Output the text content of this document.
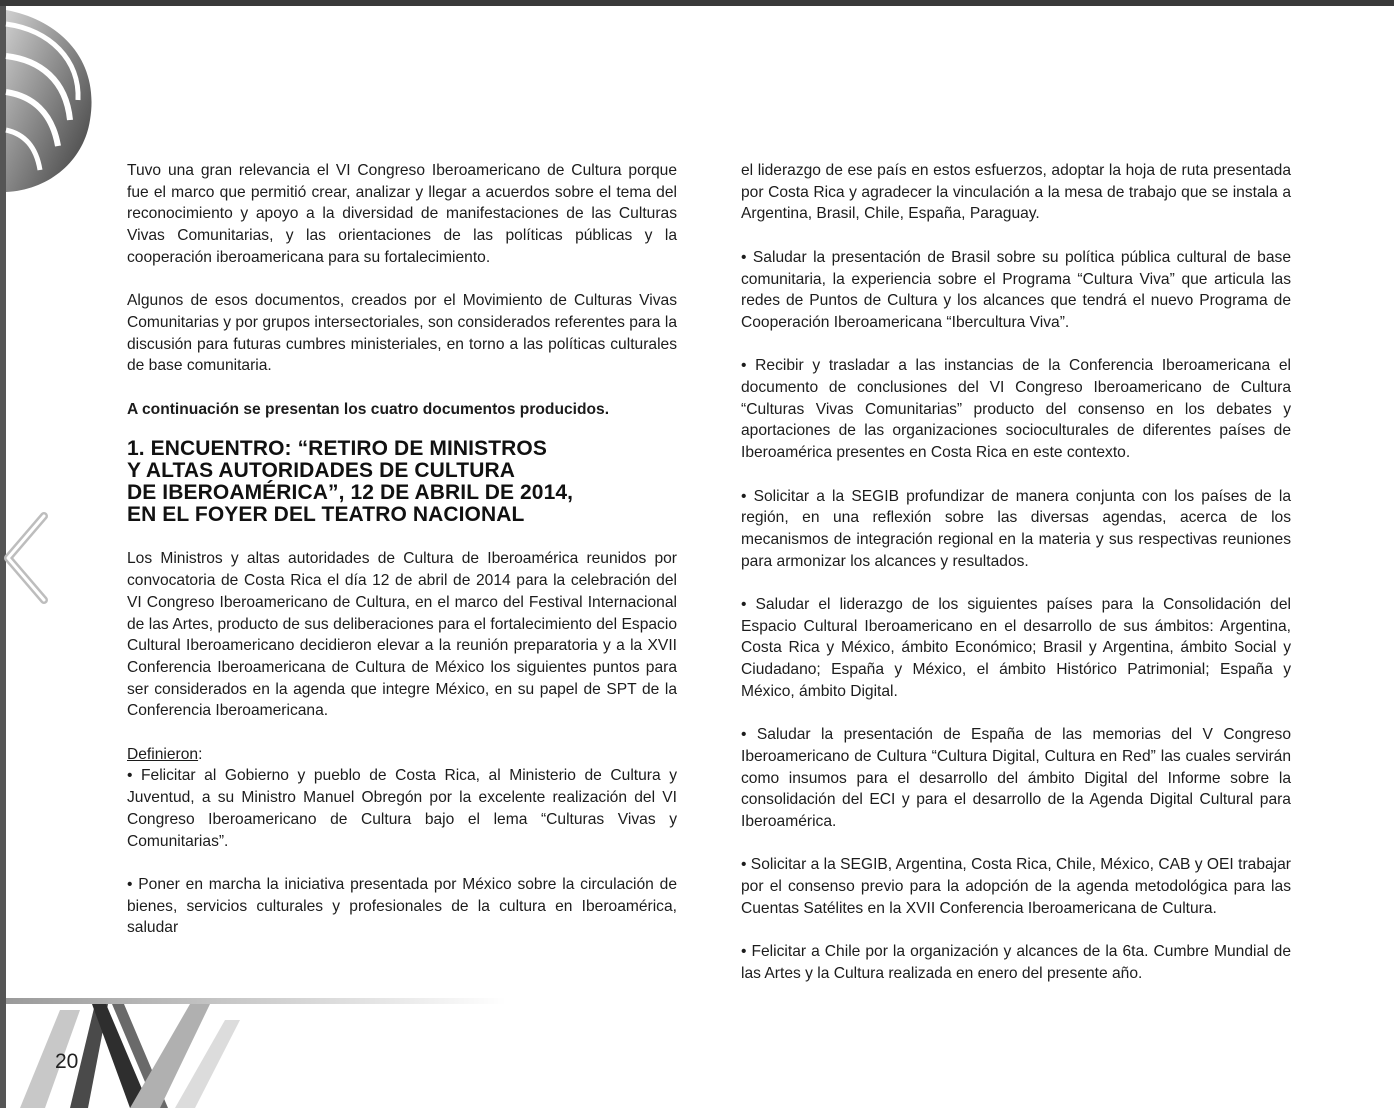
20

Tuvo una gran relevancia el VI Congreso Iberoamericano de Cultura porque fue el marco que permitió crear, analizar y llegar a acuerdos sobre el tema del reconocimiento y apoyo a la diversidad de manifestaciones de las Culturas Vivas Comunitarias, y las orientaciones de las políticas públicas y la cooperación iberoamericana para su fortalecimiento.

Algunos de esos documentos, creados por el Movimiento de Culturas Vivas Comunitarias y por grupos intersectoriales, son considerados referentes para la discusión para futuras cumbres ministeriales, en torno a las políticas culturales de base comunitaria.

A continuación se presentan los cuatro documentos producidos.

1. ENCUENTRO: “RETIRO DE MINISTROS
Y ALTAS AUTORIDADES DE CULTURA
DE IBEROAMÉRICA”, 12 DE ABRIL DE 2014,
EN EL FOYER DEL TEATRO NACIONAL

Los Ministros y altas autoridades de Cultura de Iberoamérica reunidos por convocatoria de Costa Rica el día 12 de abril de 2014 para la celebración del VI Congreso Iberoamericano de Cultura, en el marco del Festival Internacional de las Artes, producto de sus deliberaciones para el fortalecimiento del Espacio Cultural Iberoamericano decidieron elevar a la reunión preparatoria y a la XVII Conferencia Iberoamericana de Cultura de México los siguientes puntos para ser considerados en la agenda que integre México, en su papel de SPT de la Conferencia Iberoamericana.

Definieron:

• Felicitar al Gobierno y pueblo de Costa Rica, al Ministerio de Cultura y Juventud, a su Ministro Manuel Obregón por la excelente realización del VI Congreso Iberoamericano de Cultura bajo el lema “Culturas Vivas y Comunitarias”.

• Poner en marcha la iniciativa presentada por México sobre la circulación de bienes, servicios culturales y profesionales de la cultura en Iberoamérica, saludar

el liderazgo de ese país en estos esfuerzos, adoptar la hoja de ruta presentada por Costa Rica y agradecer la vinculación a la mesa de trabajo que se instala a Argentina, Brasil, Chile, España, Paraguay.

• Saludar la presentación de Brasil sobre su política pública cultural de base comunitaria, la experiencia sobre el Programa “Cultura Viva” que articula las redes de Puntos de Cultura y los alcances que tendrá el nuevo Programa de Cooperación Iberoamericana “Ibercultura Viva”.

• Recibir y trasladar a las instancias de la Conferencia Iberoamericana el documento de conclusiones del VI Congreso Iberoamericano de Cultura “Culturas Vivas Comunitarias” producto del consenso en los debates y aportaciones de las organizaciones socioculturales de diferentes países de Iberoamérica presentes en Costa Rica en este contexto.

• Solicitar a la SEGIB profundizar de manera conjunta con los países de la región, en una reflexión sobre las diversas agendas, acerca de los mecanismos de integración regional en la materia y sus respectivas reuniones para armonizar los alcances y resultados.

• Saludar el liderazgo de los siguientes países para la Consolidación del Espacio Cultural Iberoamericano en el desarrollo de sus ámbitos: Argentina, Costa Rica y México, ámbito Económico; Brasil y Argentina, ámbito Social y Ciudadano; España y México, el ámbito Histórico Patrimonial; España y México, ámbito Digital.

• Saludar la presentación de España de las memorias del V Congreso Iberoamericano de Cultura “Cultura Digital, Cultura en Red” las cuales servirán como insumos para el desarrollo del ámbito Digital del Informe sobre la consolidación del ECI y para el desarrollo de la Agenda Digital Cultural para Iberoamérica.

• Solicitar a la SEGIB, Argentina, Costa Rica, Chile, México, CAB y OEI trabajar por el consenso previo para la adopción de la agenda metodológica para las Cuentas Satélites en la XVII Conferencia Iberoamericana de Cultura.

• Felicitar a Chile por la organización y alcances de la 6ta. Cumbre Mundial de las Artes y la Cultura realizada en enero del presente año.
